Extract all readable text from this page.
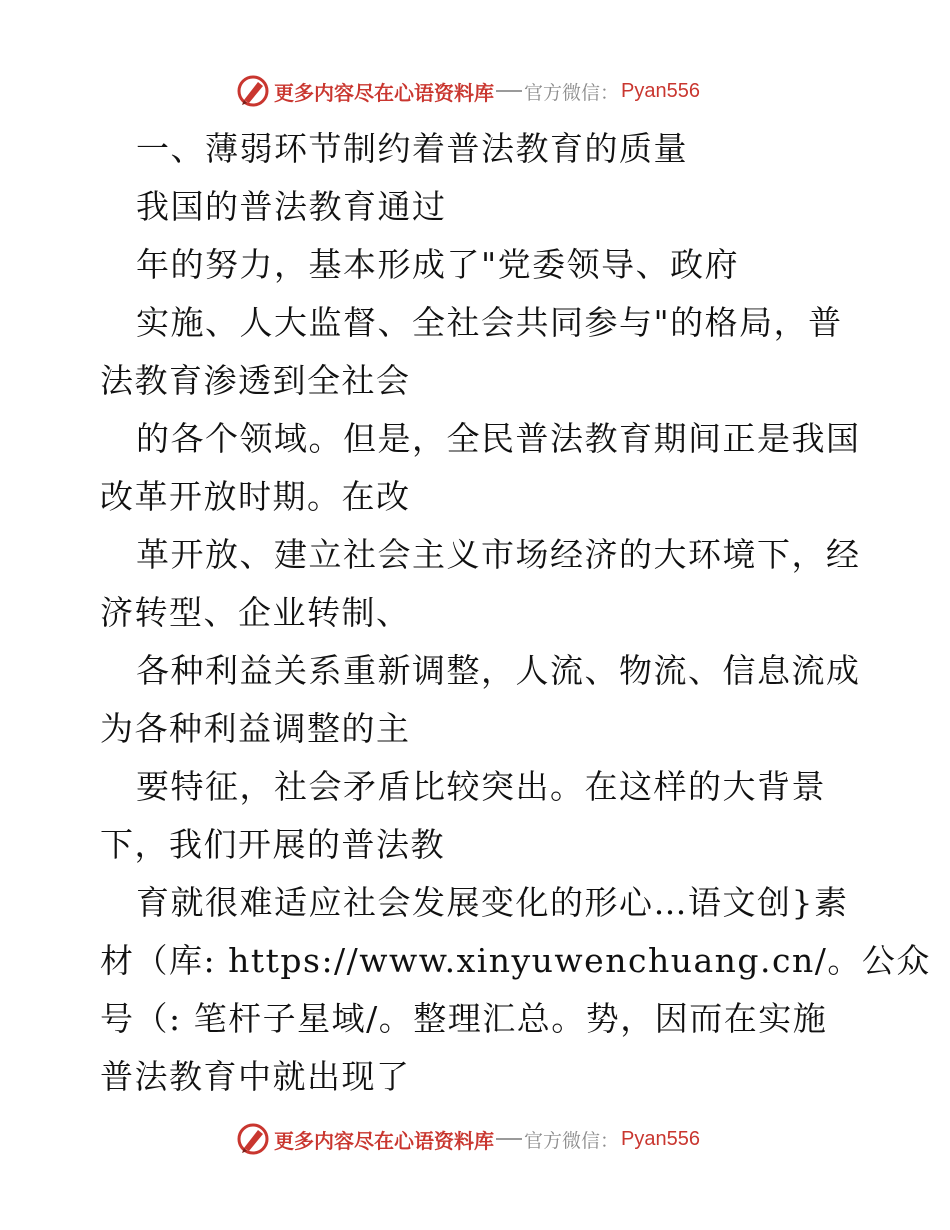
更多内容尽在心语资料库 官方微信： Pyan556

一、薄弱环节制约着普法教育的质量

我国的普法教育通过

年的努力，基本形成了"党委领导、政府

实施、人大监督、全社会共同参与"的格局，普

法教育渗透到全社会

的各个领域。但是，全民普法教育期间正是我国

改革开放时期。在改

革开放、建立社会主义市场经济的大环境下，经

济转型、企业转制、

各种利益关系重新调整，人流、物流、信息流成

为各种利益调整的主

要特征，社会矛盾比较突出。在这样的大背景

下，我们开展的普法教

育就很难适应社会发展变化的形心…语文创}素

材（库: https://www.xinyuwenchuang.cn/。公众

号（: 笔杆子星域/。整理汇总。势，因而在实施

普法教育中就出现了

更多内容尽在心语资料库 官方微信： Pyan556
